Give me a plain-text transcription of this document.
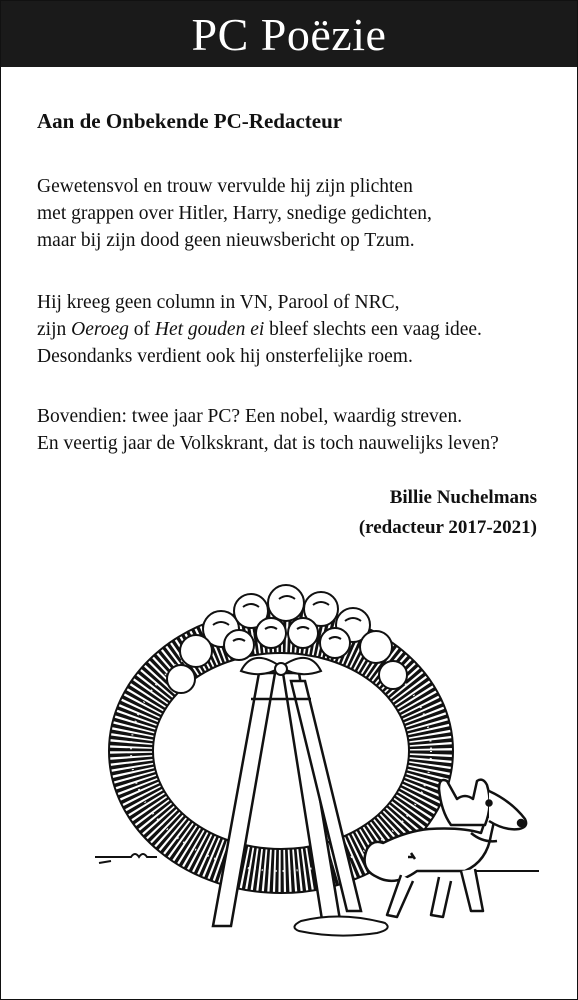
PC Poëzie
Aan de Onbekende PC-Redacteur
Gewetensvol en trouw vervulde hij zijn plichten
met grappen over Hitler, Harry, snedige gedichten,
maar bij zijn dood geen nieuwsbericht op Tzum.
Hij kreeg geen column in VN, Parool of NRC,
zijn Oeroeg of Het gouden ei bleef slechts een vaag idee.
Desondanks verdient ook hij onsterfelijke roem.
Bovendien: twee jaar PC? Een nobel, waardig streven.
En veertig jaar de Volkskrant, dat is toch nauwelijks leven?
Billie Nuchelmans
(redacteur 2017-2021)
